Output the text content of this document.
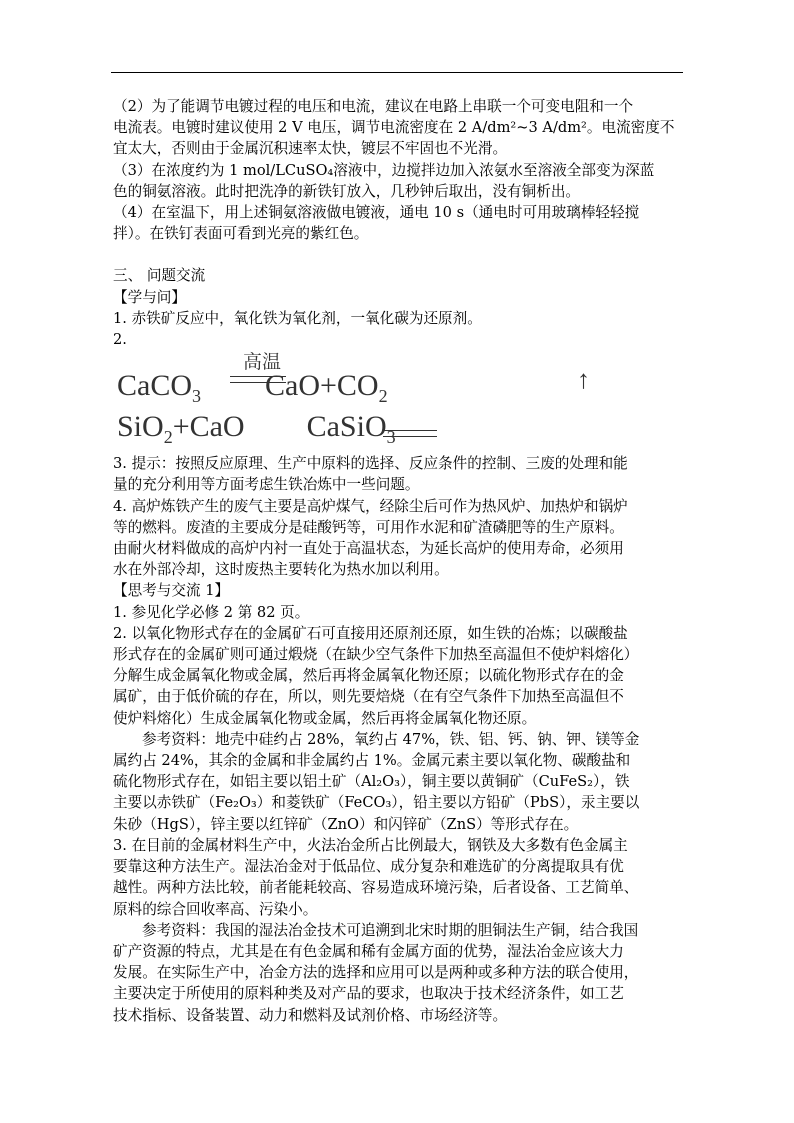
（2）为了能调节电镀过程的电压和电流，建议在电路上串联一个可变电阻和一个

电流表。电镀时建议使用 2 V 电压，调节电流密度在 2 A/dm²~3 A/dm²。电流密度不

宜太大，否则由于金属沉积速率太快，镀层不牢固也不光滑。

（3）在浓度约为 1 mol/LCuSO₄溶液中，边搅拌边加入浓氨水至溶液全部变为深蓝

色的铜氨溶液。此时把洗净的新铁钉放入，几秒钟后取出，没有铜析出。

（4）在室温下，用上述铜氨溶液做电镀液，通电 10 s（通电时可用玻璃棒轻轻搅

拌）。在铁钉表面可看到光亮的紫红色。

三、 问题交流

【学与问】

1. 赤铁矿反应中，氧化铁为氧化剂，一氧化碳为还原剂。

2.

高温
CaCO$_3$ $CaO+CO_2$
↑
SiO$_2$+CaO CaSiO$_3$

3. 提示：按照反应原理、生产中原料的选择、反应条件的控制、三废的处理和能

量的充分利用等方面考虑生铁冶炼中一些问题。

4. 高炉炼铁产生的废气主要是高炉煤气，经除尘后可作为热风炉、加热炉和锅炉

等的燃料。废渣的主要成分是硅酸钙等，可用作水泥和矿渣磷肥等的生产原料。

由耐火材料做成的高炉内衬一直处于高温状态，为延长高炉的使用寿命，必须用

水在外部冷却，这时废热主要转化为热水加以利用。

【思考与交流 1】

1. 参见化学必修 2 第 82 页。

2. 以氧化物形式存在的金属矿石可直接用还原剂还原，如生铁的冶炼；以碳酸盐

形式存在的金属矿则可通过煅烧（在缺少空气条件下加热至高温但不使炉料熔化）

分解生成金属氧化物或金属，然后再将金属氧化物还原；以硫化物形式存在的金

属矿，由于低价硫的存在，所以，则先要焙烧（在有空气条件下加热至高温但不

使炉料熔化）生成金属氧化物或金属，然后再将金属氧化物还原。

参考资料：地壳中硅约占 28%，氧约占 47%，铁、铝、钙、钠、钾、镁等金

属约占 24%，其余的金属和非金属约占 1%。金属元素主要以氧化物、碳酸盐和

硫化物形式存在，如铝主要以铝土矿（Al₂O₃），铜主要以黄铜矿（CuFeS₂），铁

主要以赤铁矿（Fe₂O₃）和菱铁矿（FeCO₃），铅主要以方铅矿（PbS），汞主要以

朱砂（HgS），锌主要以红锌矿（ZnO）和闪锌矿（ZnS）等形式存在。

3. 在目前的金属材料生产中，火法冶金所占比例最大，钢铁及大多数有色金属主

要靠这种方法生产。湿法冶金对于低品位、成分复杂和难选矿的分离提取具有优

越性。两种方法比较，前者能耗较高、容易造成环境污染，后者设备、工艺简单、

原料的综合回收率高、污染小。

参考资料：我国的湿法冶金技术可追溯到北宋时期的胆铜法生产铜，结合我国

矿产资源的特点，尤其是在有色金属和稀有金属方面的优势，湿法冶金应该大力

发展。在实际生产中，冶金方法的选择和应用可以是两种或多种方法的联合使用，

主要决定于所使用的原料种类及对产品的要求，也取决于技术经济条件，如工艺

技术指标、设备装置、动力和燃料及试剂价格、市场经济等。
